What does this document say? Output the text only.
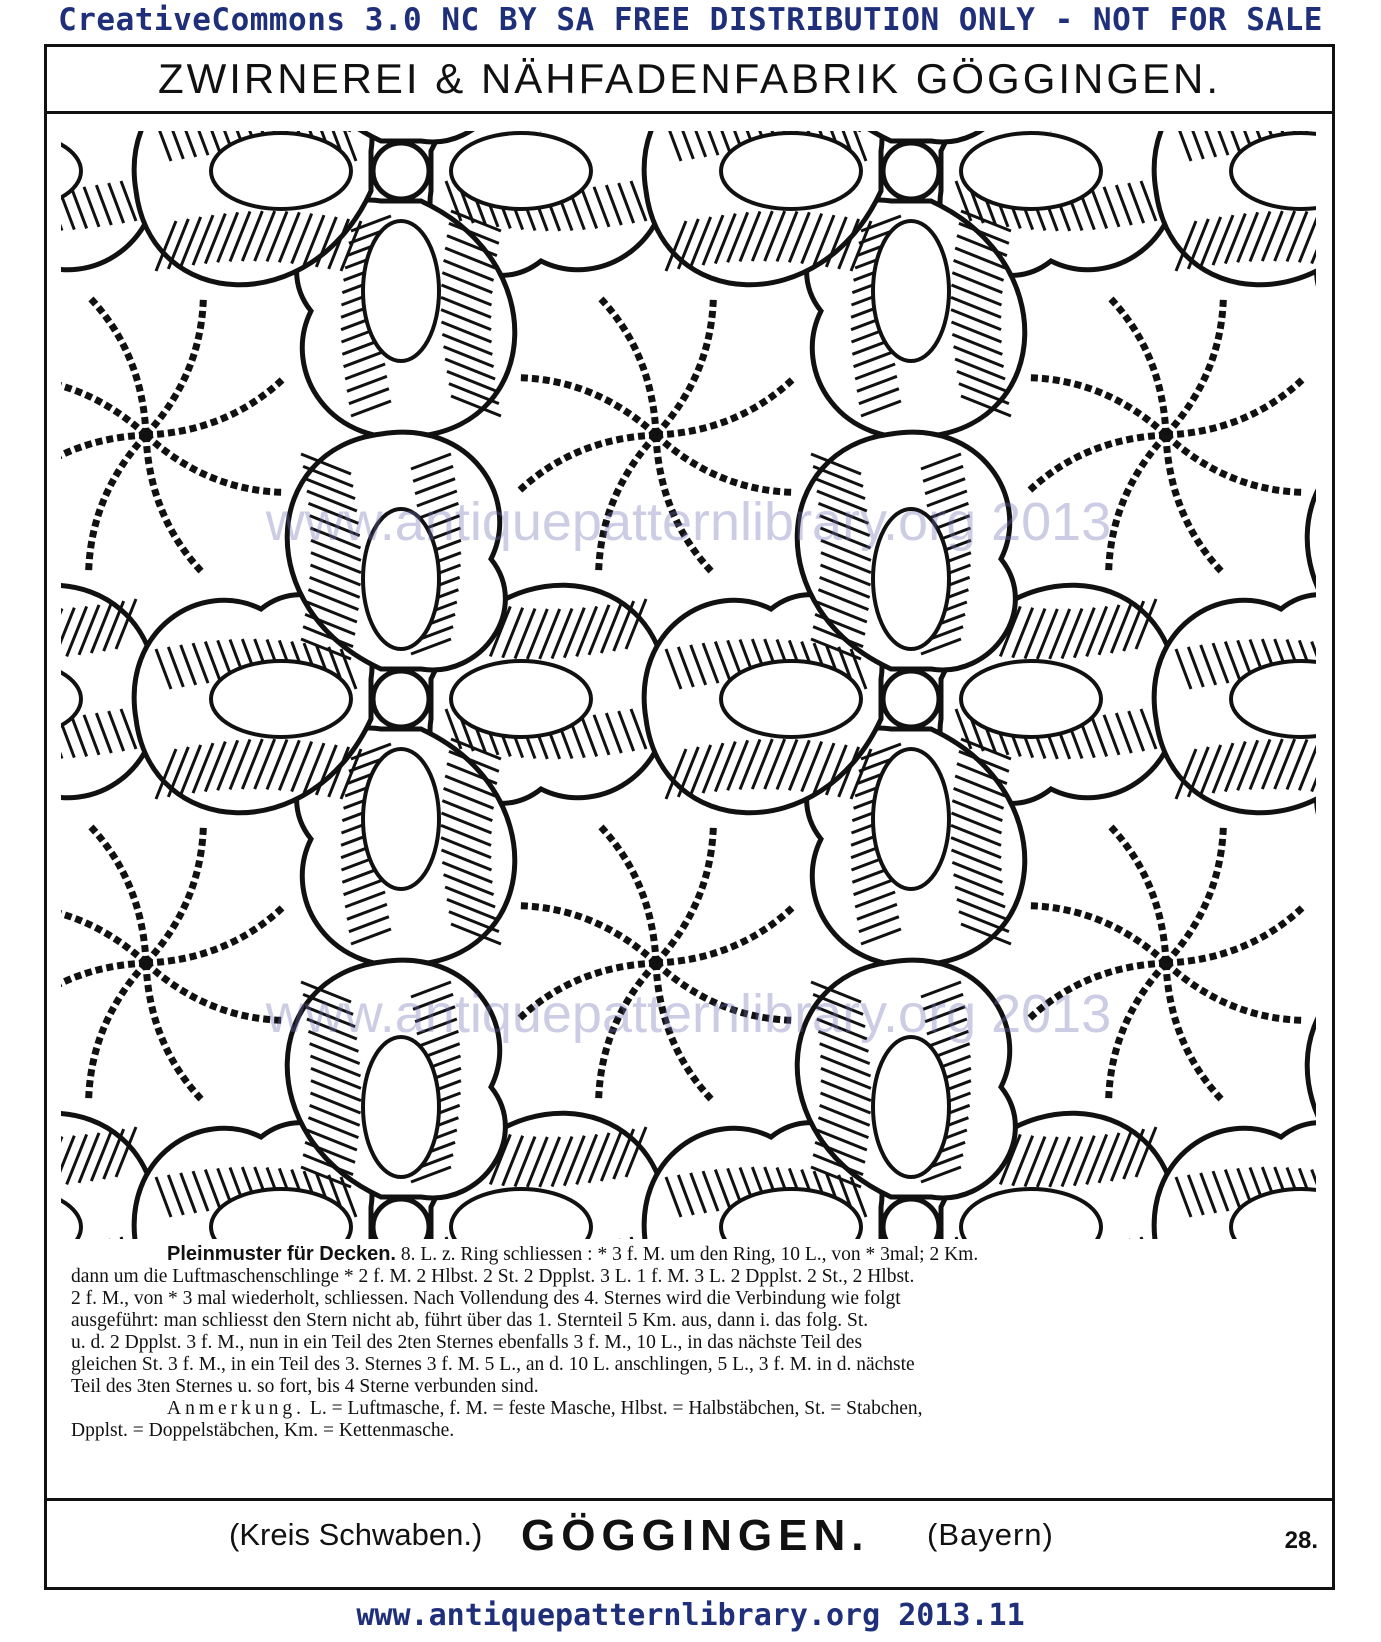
CreativeCommons 3.0 NC BY SA FREE DISTRIBUTION ONLY - NOT FOR SALE
ZWIRNEREI & NÄHFADENFABRIK GÖGGINGEN.
www.antiquepatternlibrary.org 2013
www.antiquepatternlibrary.org 2013
Pleinmuster für Decken. 8. L. z. Ring schliessen : * 3 f. M. um den Ring, 10 L., von * 3mal; 2 Km.
dann um die Luftmaschenschlinge * 2 f. M. 2 Hlbst. 2 St. 2 Dpplst. 3 L. 1 f. M. 3 L. 2 Dpplst. 2 St., 2 Hlbst.
2 f. M., von * 3 mal wiederholt, schliessen. Nach Vollendung des 4. Sternes wird die Verbindung wie folgt
ausgeführt: man schliesst den Stern nicht ab, führt über das 1. Sternteil 5 Km. aus, dann i. das folg. St.
u. d. 2 Dpplst. 3 f. M., nun in ein Teil des 2ten Sternes ebenfalls 3 f. M., 10 L., in das nächste Teil des
gleichen St. 3 f. M., in ein Teil des 3. Sternes 3 f. M. 5 L., an d. 10 L. anschlingen, 5 L., 3 f. M. in d. nächste
Teil des 3ten Sternes u. so fort, bis 4 Sterne verbunden sind.
Anmerkung. L. = Luftmasche, f. M. = feste Masche, Hlbst. = Halbstäbchen, St. = Stabchen,
Dpplst. = Doppelstäbchen, Km. = Kettenmasche.
(Kreis Schwaben.) GÖGGINGEN. (Bayern)	28.
www.antiquepatternlibrary.org 2013.11
